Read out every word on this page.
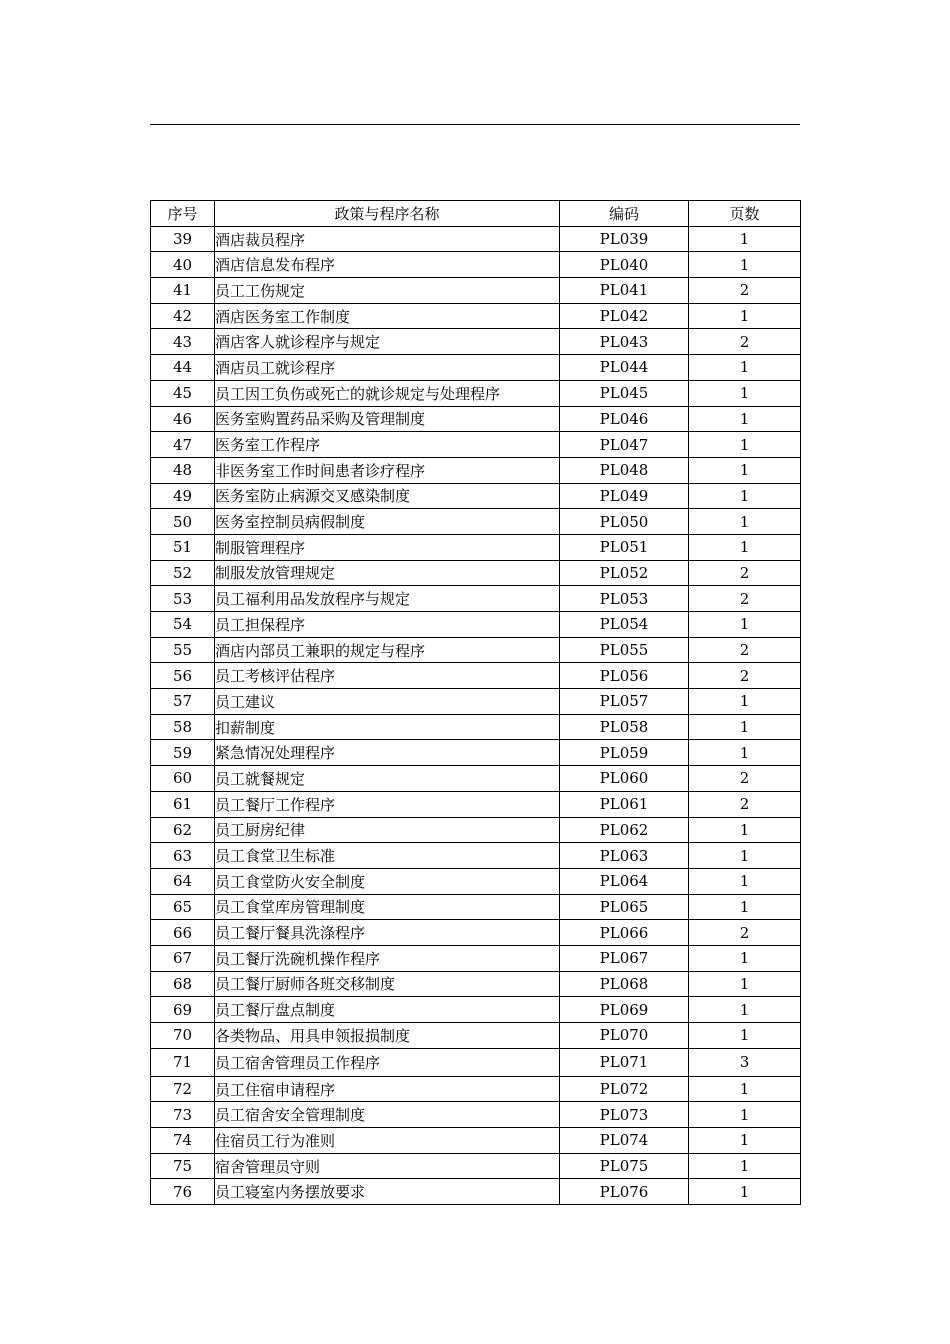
序号	政策与程序名称	编码	页数
39	酒店裁员程序	PL039	1
40	酒店信息发布程序	PL040	1
41	员工工伤规定	PL041	2
42	酒店医务室工作制度	PL042	1
43	酒店客人就诊程序与规定	PL043	2
44	酒店员工就诊程序	PL044	1
45	员工因工负伤或死亡的就诊规定与处理程序	PL045	1
46	医务室购置药品采购及管理制度	PL046	1
47	医务室工作程序	PL047	1
48	非医务室工作时间患者诊疗程序	PL048	1
49	医务室防止病源交叉感染制度	PL049	1
50	医务室控制员病假制度	PL050	1
51	制服管理程序	PL051	1
52	制服发放管理规定	PL052	2
53	员工福利用品发放程序与规定	PL053	2
54	员工担保程序	PL054	1
55	酒店内部员工兼职的规定与程序	PL055	2
56	员工考核评估程序	PL056	2
57	员工建议	PL057	1
58	扣薪制度	PL058	1
59	紧急情况处理程序	PL059	1
60	员工就餐规定	PL060	2
61	员工餐厅工作程序	PL061	2
62	员工厨房纪律	PL062	1
63	员工食堂卫生标准	PL063	1
64	员工食堂防火安全制度	PL064	1
65	员工食堂库房管理制度	PL065	1
66	员工餐厅餐具洗涤程序	PL066	2
67	员工餐厅洗碗机操作程序	PL067	1
68	员工餐厅厨师各班交移制度	PL068	1
69	员工餐厅盘点制度	PL069	1
70	各类物品、用具申领报损制度	PL070	1
71	员工宿舍管理员工作程序	PL071	3
72	员工住宿申请程序	PL072	1
73	员工宿舍安全管理制度	PL073	1
74	住宿员工行为准则	PL074	1
75	宿舍管理员守则	PL075	1
76	员工寝室内务摆放要求	PL076	1
